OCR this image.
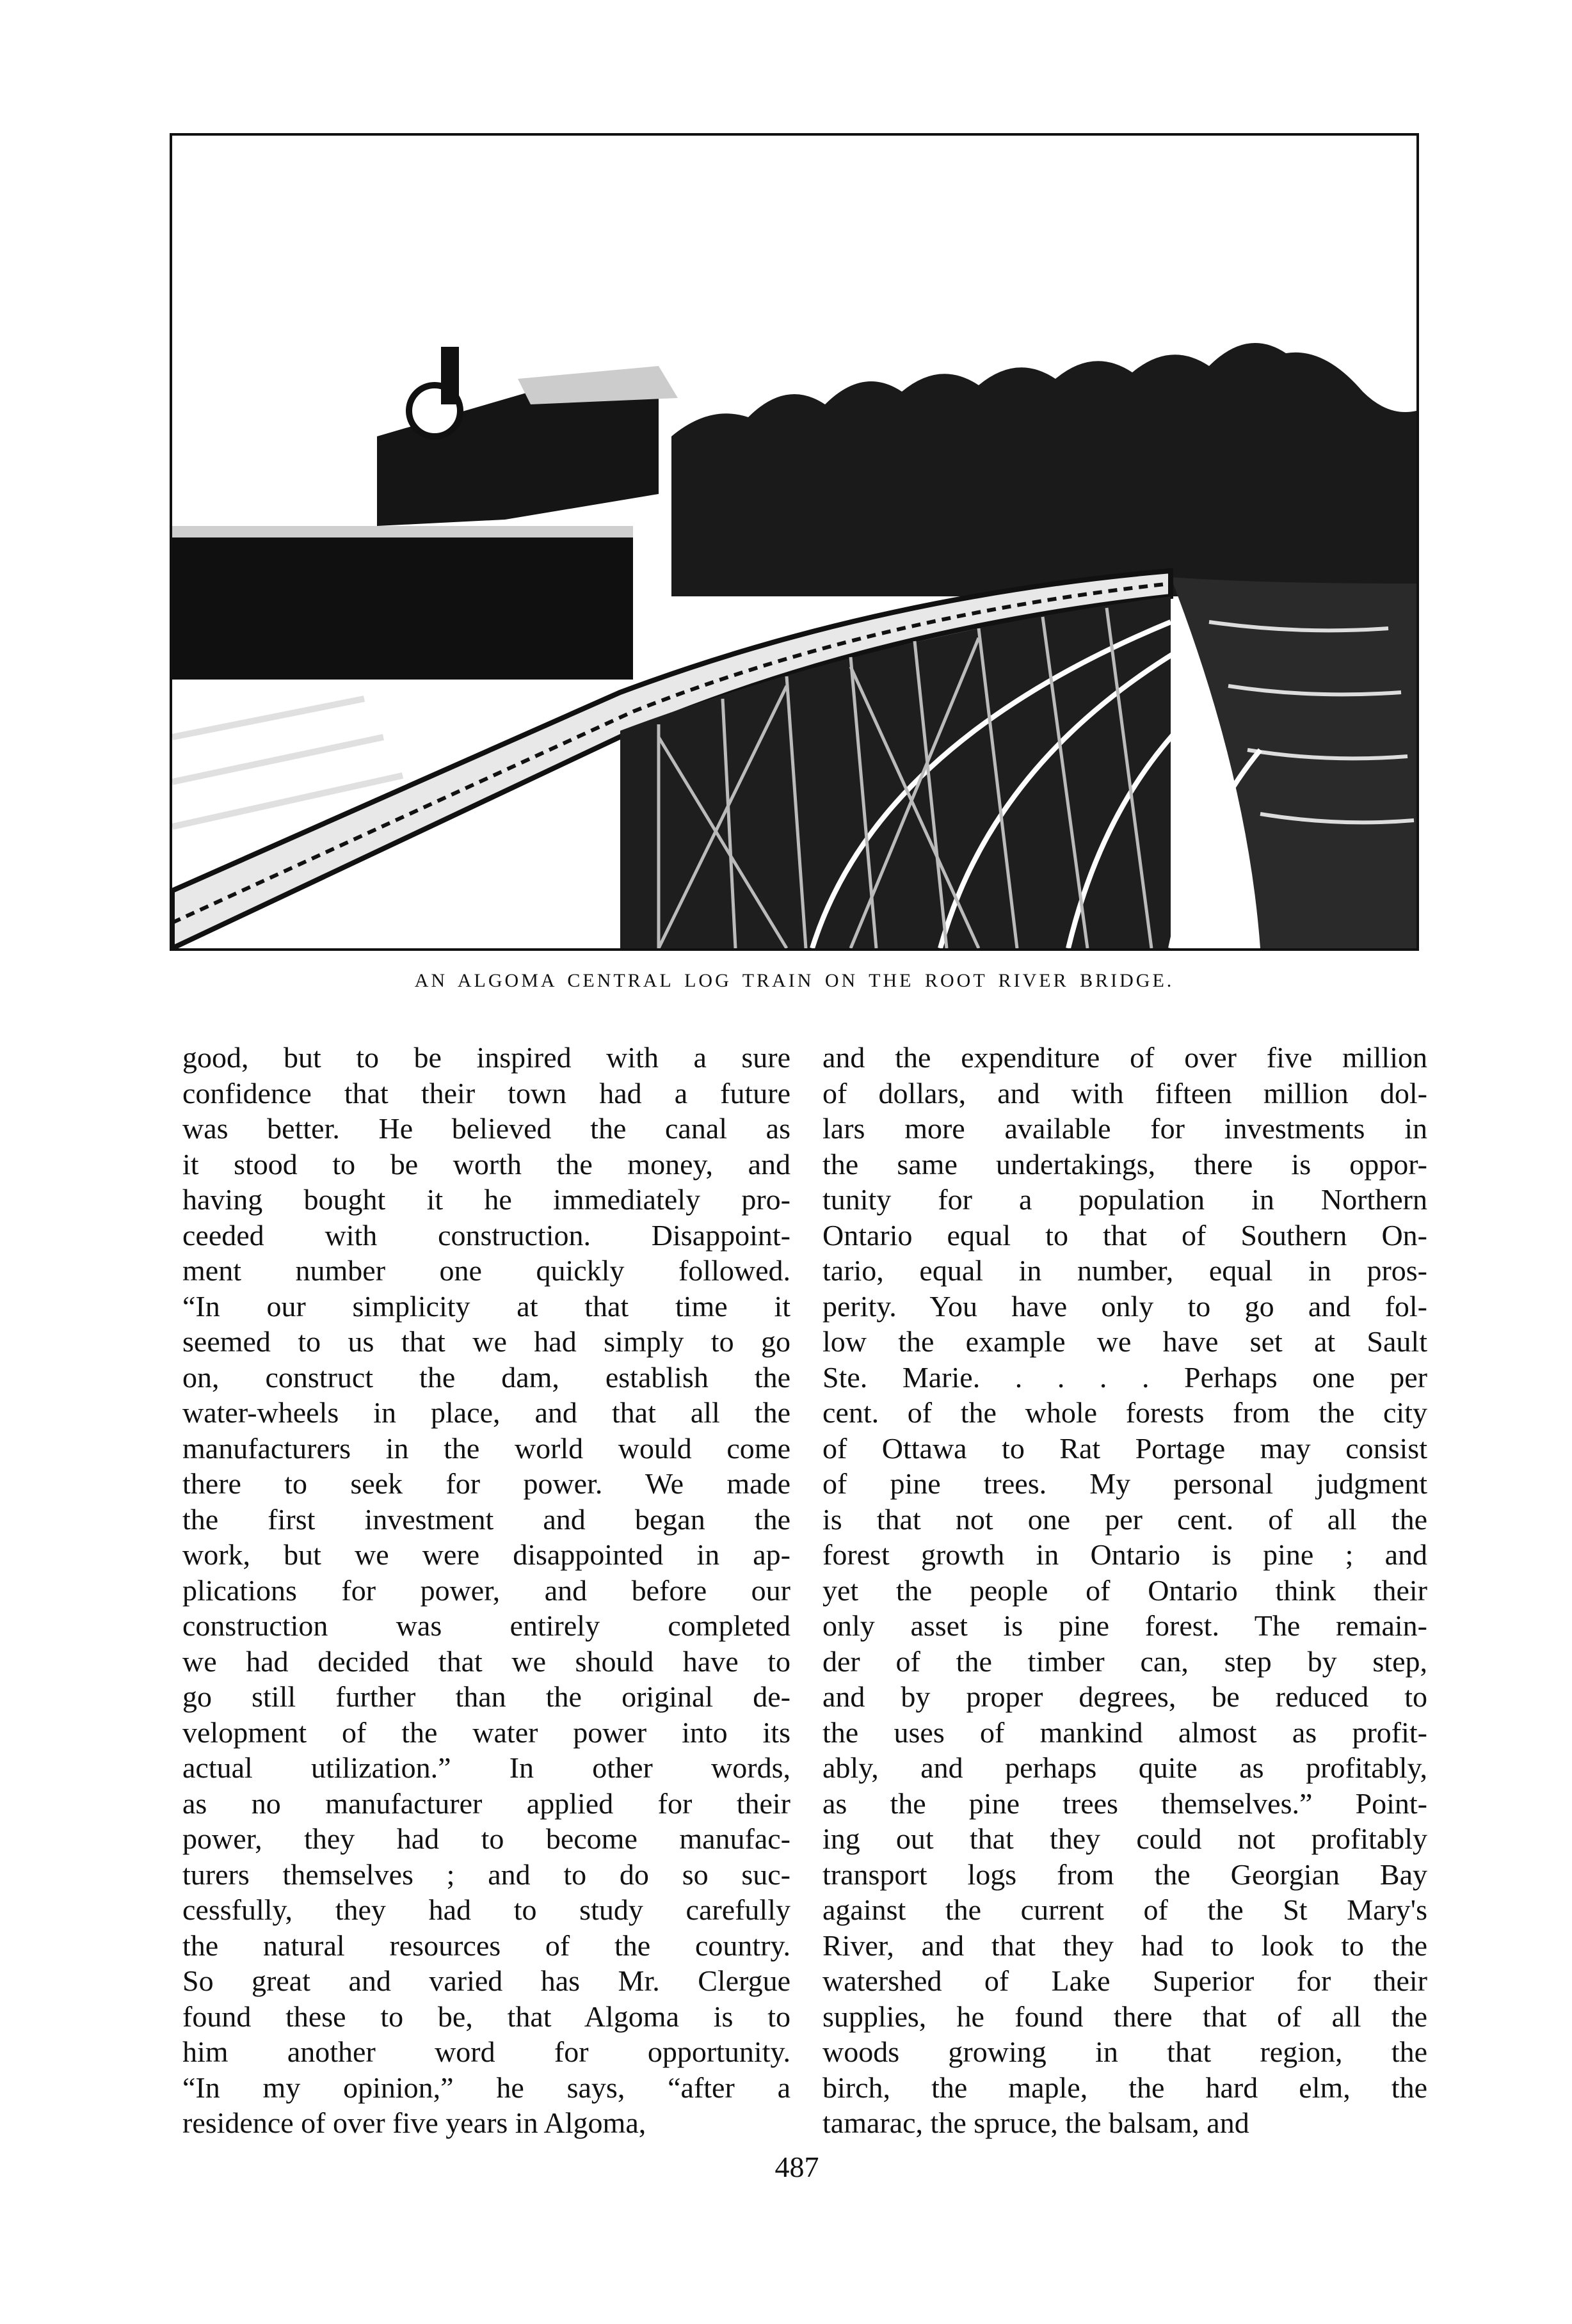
AN ALGOMA CENTRAL LOG TRAIN ON THE ROOT RIVER BRIDGE.
good, but to be inspired with a sure
confidence that their town had a future
was better. He believed the canal as
it stood to be worth the money, and
having bought it he immediately pro-
ceeded with construction. Disappoint-
ment number one quickly followed.
“In our simplicity at that time it
seemed to us that we had simply to go
on, construct the dam, establish the
water-wheels in place, and that all the
manufacturers in the world would come
there to seek for power. We made
the first investment and began the
work, but we were disappointed in ap-
plications for power, and before our
construction was entirely completed
we had decided that we should have to
go still further than the original de-
velopment of the water power into its
actual utilization.” In other words,
as no manufacturer applied for their
power, they had to become manufac-
turers themselves ; and to do so suc-
cessfully, they had to study carefully
the natural resources of the country.
So great and varied has Mr. Clergue
found these to be, that Algoma is to
him another word for opportunity.
“In my opinion,” he says, “after a
residence of over five years in Algoma,
and the expenditure of over five million
of dollars, and with fifteen million dol-
lars more available for investments in
the same undertakings, there is oppor-
tunity for a population in Northern
Ontario equal to that of Southern On-
tario, equal in number, equal in pros-
perity. You have only to go and fol-
low the example we have set at Sault
Ste. Marie. . . . . Perhaps one per
cent. of the whole forests from the city
of Ottawa to Rat Portage may consist
of pine trees. My personal judgment
is that not one per cent. of all the
forest growth in Ontario is pine ; and
yet the people of Ontario think their
only asset is pine forest. The remain-
der of the timber can, step by step,
and by proper degrees, be reduced to
the uses of mankind almost as profit-
ably, and perhaps quite as profitably,
as the pine trees themselves.” Point-
ing out that they could not profitably
transport logs from the Georgian Bay
against the current of the St Mary's
River, and that they had to look to the
watershed of Lake Superior for their
supplies, he found there that of all the
woods growing in that region, the
birch, the maple, the hard elm, the
tamarac, the spruce, the balsam, and
487
